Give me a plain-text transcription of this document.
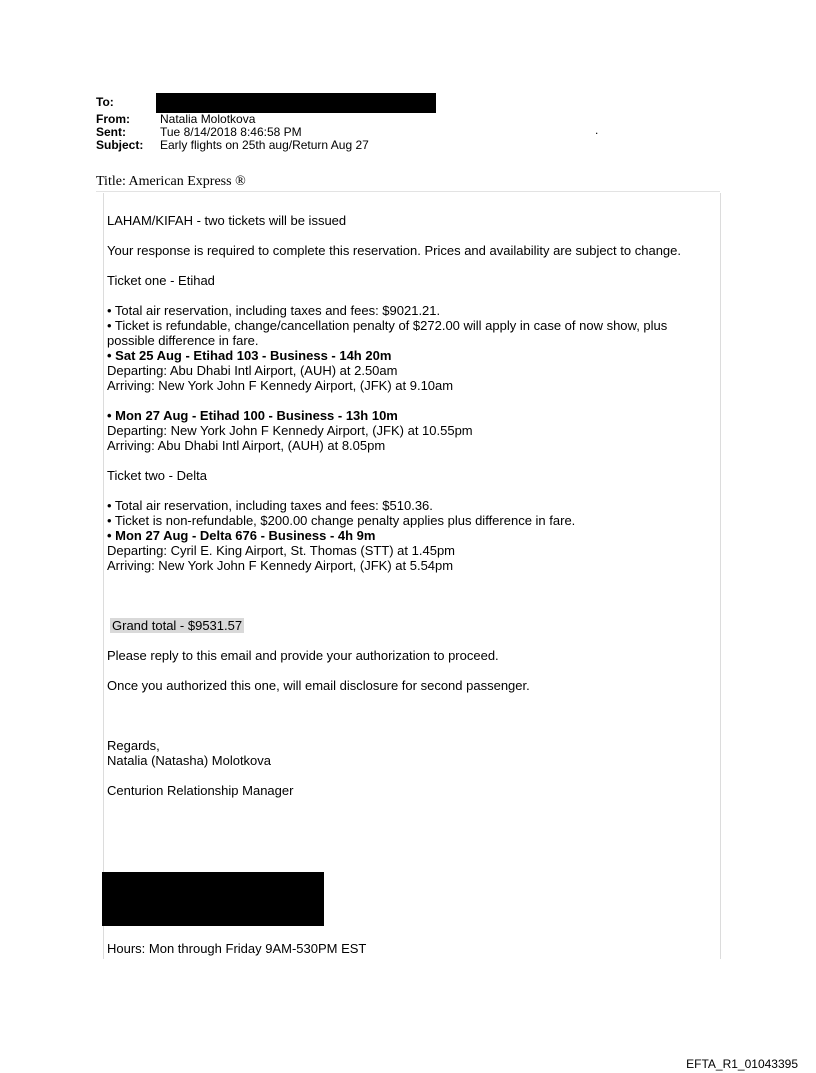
To:
From:	Natalia Molotkova
Sent:	Tue 8/14/2018 8:46:58 PM
Subject:	Early flights on 25th aug/Return Aug 27
.
Title: American Express ®

LAHAM/KIFAH - two tickets will be issued

Your response is required to complete this reservation. Prices and availability are subject to change.

Ticket one - Etihad

• Total air reservation, including taxes and fees: $9021.21.

• Ticket is refundable, change/cancellation penalty of $272.00 will apply in case of now show, plus possible difference in fare.

• Sat 25 Aug - Etihad 103 - Business - 14h 20m

Departing: Abu Dhabi Intl Airport, (AUH) at 2.50am

Arriving: New York John F Kennedy Airport, (JFK) at 9.10am

• Mon 27 Aug - Etihad 100 - Business - 13h 10m

Departing: New York John F Kennedy Airport, (JFK) at 10.55pm

Arriving: Abu Dhabi Intl Airport, (AUH) at 8.05pm

Ticket two - Delta

• Total air reservation, including taxes and fees: $510.36.

• Ticket is non-refundable, $200.00 change penalty applies plus difference in fare.

• Mon 27 Aug - Delta 676 - Business - 4h 9m

Departing: Cyril E. King Airport, St. Thomas (STT) at 1.45pm

Arriving: New York John F Kennedy Airport, (JFK) at 5.54pm

Grand total - $9531.57

Please reply to this email and provide your authorization to proceed.

Once you authorized this one, will email disclosure for second passenger.

Regards,

Natalia (Natasha) Molotkova

Centurion Relationship Manager

Hours: Mon through Friday 9AM-530PM EST
EFTA_R1_01043395
